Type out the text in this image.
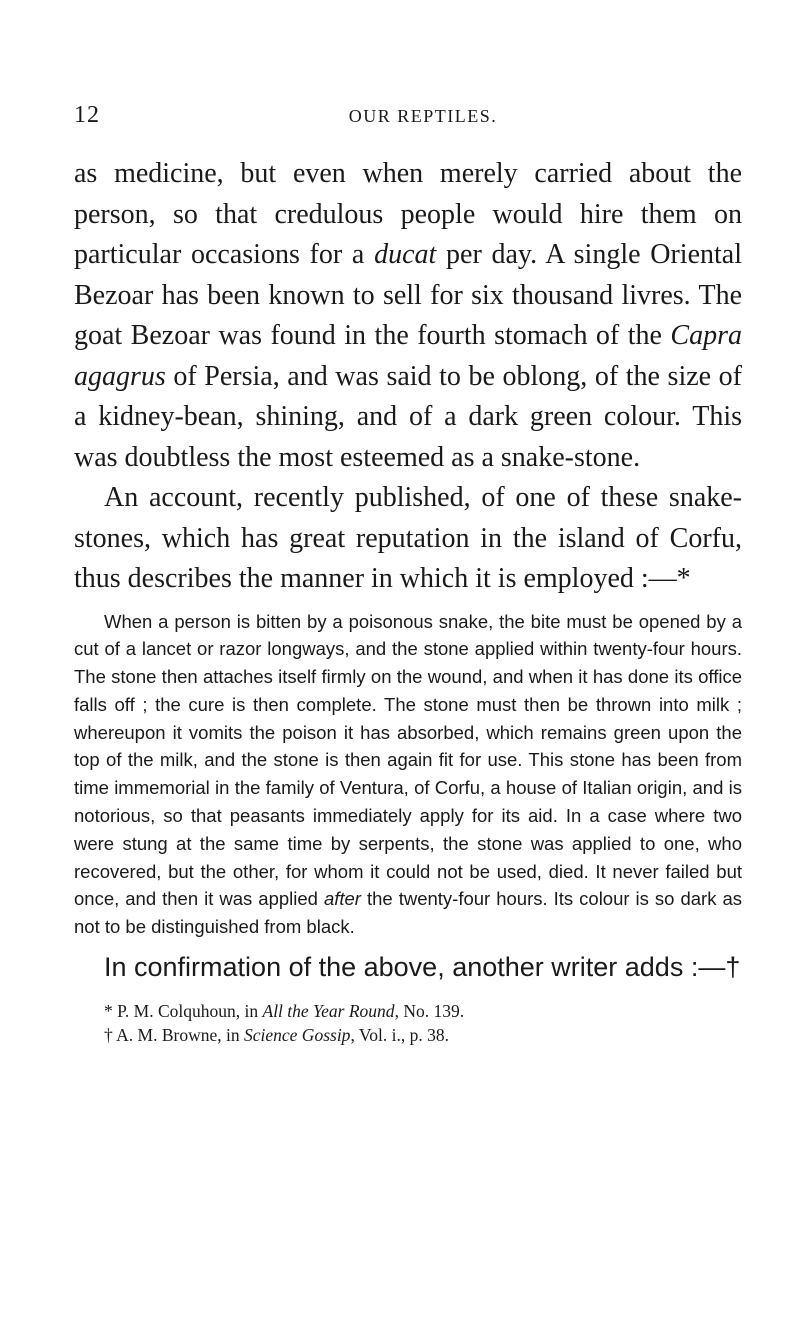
12	OUR REPTILES.

as medicine, but even when merely carried about the person, so that credulous people would hire them on particular occasions for a ducat per day. A single Oriental Bezoar has been known to sell for six thousand livres. The goat Bezoar was found in the fourth stomach of the Capra agagrus of Persia, and was said to be oblong, of the size of a kidney-bean, shining, and of a dark green colour. This was doubtless the most esteemed as a snake-stone.

An account, recently published, of one of these snake-stones, which has great reputation in the island of Corfu, thus describes the manner in which it is employed :—*

When a person is bitten by a poisonous snake, the bite must be opened by a cut of a lancet or razor longways, and the stone applied within twenty-four hours. The stone then attaches itself firmly on the wound, and when it has done its office falls off ; the cure is then complete. The stone must then be thrown into milk ; whereupon it vomits the poison it has absorbed, which remains green upon the top of the milk, and the stone is then again fit for use. This stone has been from time immemorial in the family of Ventura, of Corfu, a house of Italian origin, and is notorious, so that peasants immediately apply for its aid. In a case where two were stung at the same time by serpents, the stone was applied to one, who recovered, but the other, for whom it could not be used, died. It never failed but once, and then it was applied after the twenty-four hours. Its colour is so dark as not to be distinguished from black.

In confirmation of the above, another writer adds :—†

* P. M. Colquhoun, in All the Year Round, No. 139.

† A. M. Browne, in Science Gossip, Vol. i., p. 38.
